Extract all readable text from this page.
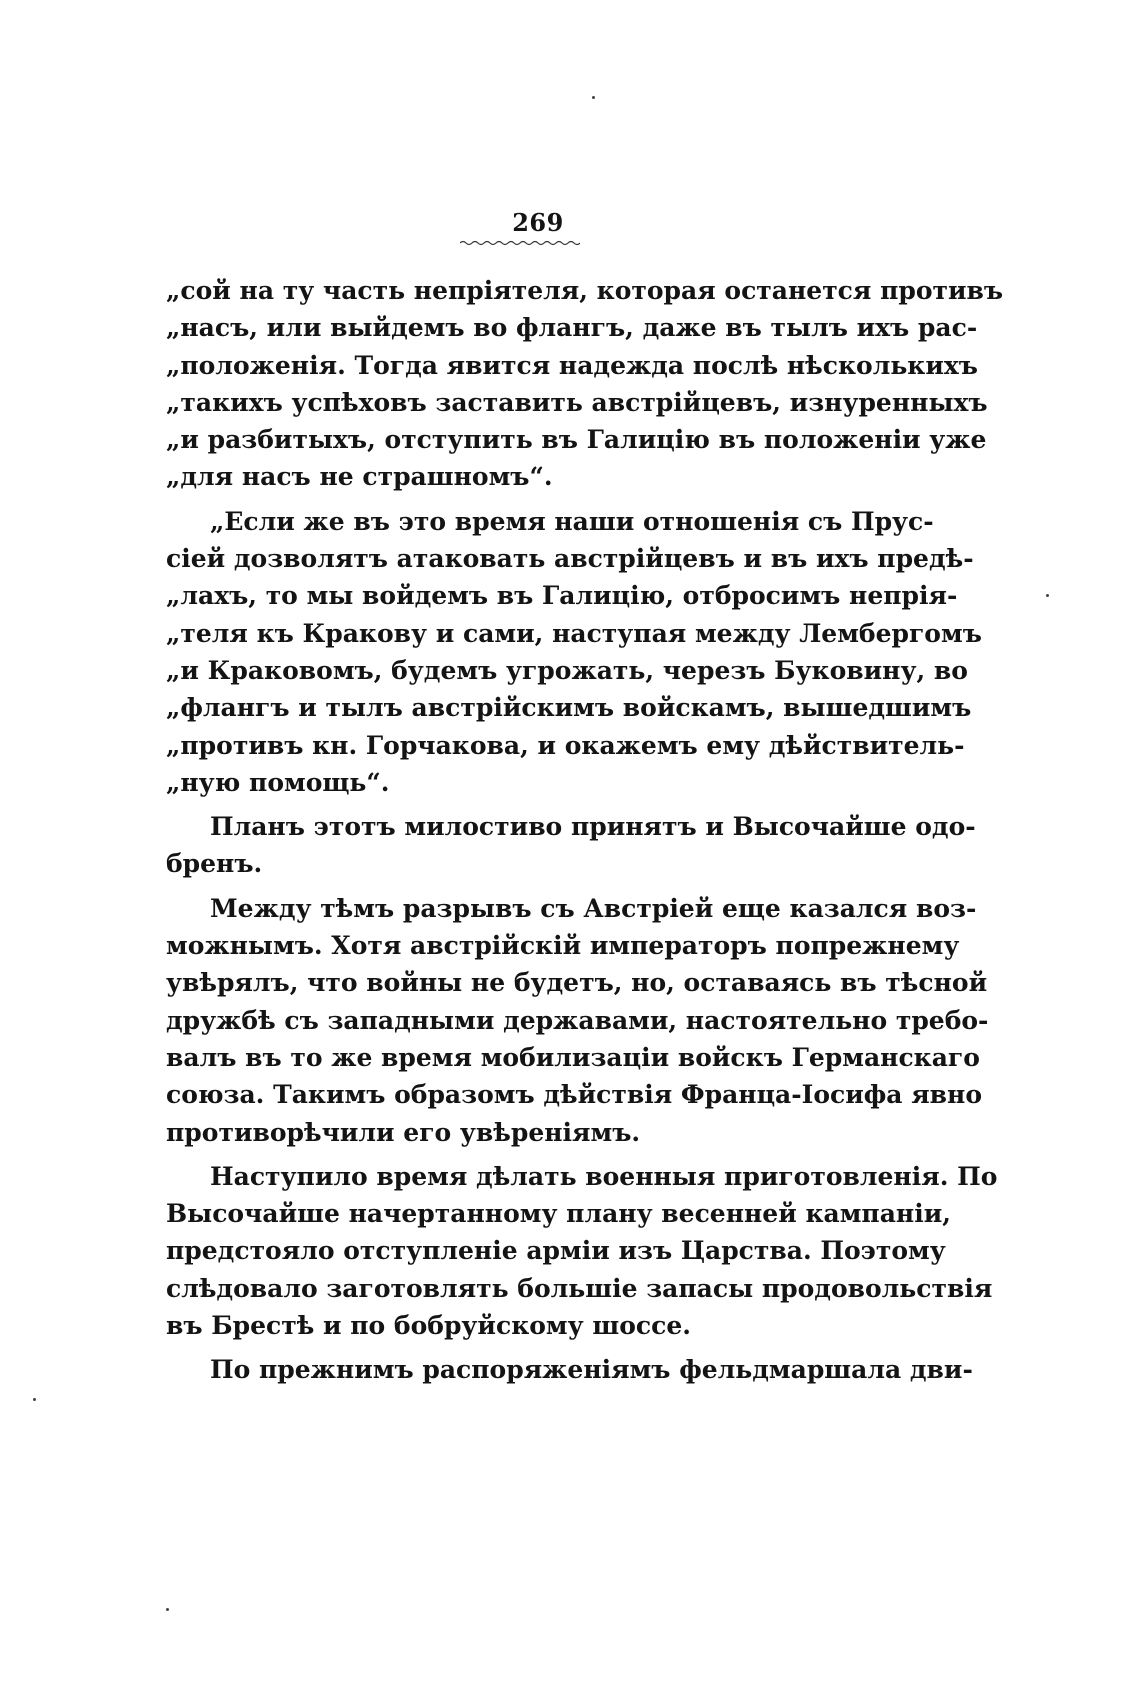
269
„сой на ту часть непріятеля, которая останется противъ
„насъ, или выйдемъ во флангъ, даже въ тылъ ихъ рас-
„положенія. Тогда явится надежда послѣ нѣсколькихъ
„такихъ успѣховъ заставить австрійцевъ, изнуренныхъ
„и разбитыхъ, отступить въ Галицію въ положеніи уже
„для насъ не страшномъ“.
„Если же въ это время наши отношенія съ Прус-
сіей дозволятъ атаковать австрійцевъ и въ ихъ предѣ-
„лахъ, то мы войдемъ въ Галицію, отбросимъ непрія-
„теля къ Кракову и сами, наступая между Лембергомъ
„и Краковомъ, будемъ угрожать, черезъ Буковину, во
„флангъ и тылъ австрійскимъ войскамъ, вышедшимъ
„противъ кн. Горчакова, и окажемъ ему дѣйствитель-
„ную помощь“.
Планъ этотъ милостиво принятъ и Высочайше одо-
бренъ.
Между тѣмъ разрывъ съ Австріей еще казался воз-
можнымъ. Хотя австрійскій императоръ попрежнему
увѣрялъ, что войны не будетъ, но, оставаясь въ тѣсной
дружбѣ съ западными державами, настоятельно требо-
валъ въ то же время мобилизаціи войскъ Германскаго
союза. Такимъ образомъ дѣйствія Франца-Іосифа явно
противорѣчили его увѣреніямъ.
Наступило время дѣлать военныя приготовленія. По
Высочайше начертанному плану весенней кампаніи,
предстояло отступленіе арміи изъ Царства. Поэтому
слѣдовало заготовлять большіе запасы продовольствія
въ Брестѣ и по бобруйскому шоссе.
По прежнимъ распоряженіямъ фельдмаршала дви-
